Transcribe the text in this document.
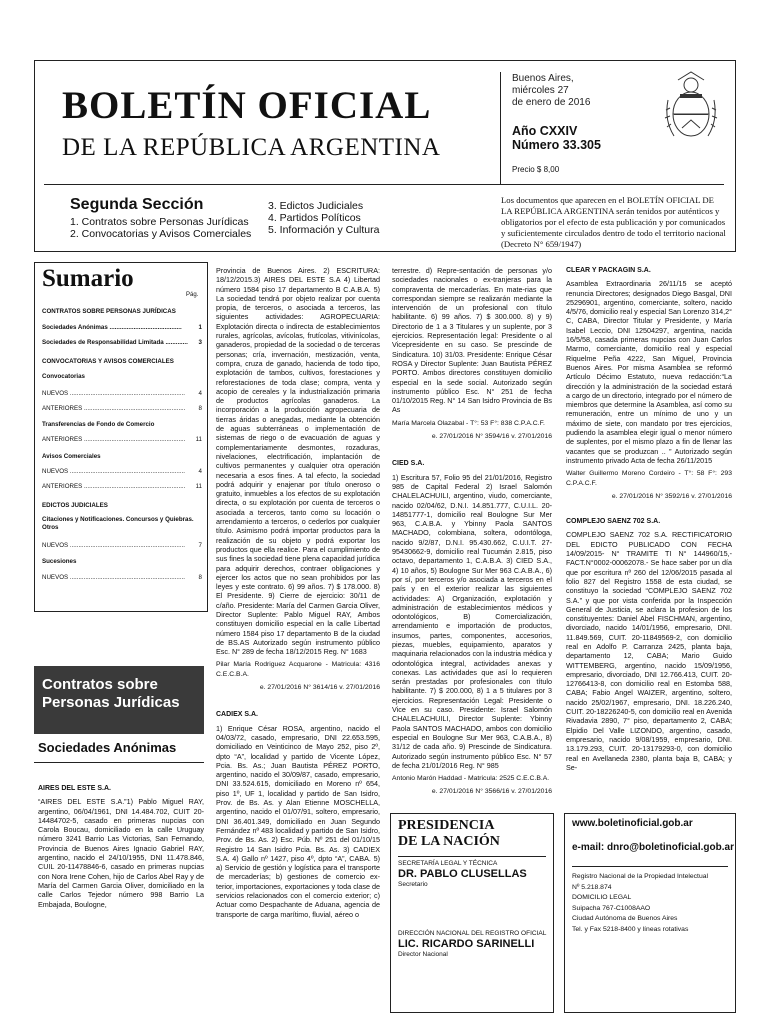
BOLETÍN OFICIAL
DE LA REPÚBLICA ARGENTINA
Buenos Aires,
miércoles 27
de enero de 2016
Año CXXIV
Número 33.305
Precio $ 8,00
Segunda Sección
1. Contratos sobre Personas Jurídicas
2. Convocatorias y Avisos Comerciales
3. Edictos Judiciales
4. Partidos Políticos
5. Información y Cultura
Los documentos que aparecen en el BOLETÍN OFICIAL DE LA REPÚBLICA ARGENTINA serán tenidos por auténticos y obligatorios por el efecto de esta publicación y por comunicados y suficientemente circulados dentro de todo el territorio nacional (Decreto N° 659/1947)
Sumario
Pág.
CONTRATOS SOBRE PERSONAS JURÍDICAS
Sociedades Anónimas ..........................................	1
Sociedades de Responsabilidad Limitada ............. 3
CONVOCATORIAS Y AVISOS COMERCIALES
Convocatorias
NUEVOS ................................................................... 4
ANTERIORES ........................................................... 8
Transferencias de Fondo de Comercio
ANTERIORES ........................................................... 11
Avisos Comerciales
NUEVOS ................................................................... 4
ANTERIORES ........................................................... 11
EDICTOS JUDICIALES
Citaciones y Notificaciones. Concursos y Quiebras. Otros
NUEVOS ................................................................... 7
Sucesiones
NUEVOS ................................................................... 8
Contratos sobre
Personas Jurídicas
Sociedades Anónimas
AIRES DEL ESTE S.A.

“AIRES DEL ESTE S.A.”1) Pablo Miguel RAY, argentino, 06/04/1961, DNI 14.484.702, CUIT 20-14484702-5, casado en primeras nupcias con Carola Boucau, domiciliado en la calle Uruguay número 3241 Barrio Las Victorias, San Fernando, Provincia de Buenos Aires Ignacio Gabriel RAY, argentino, nacido el 24/10/1955, DNI 11.478.846, CUIL 20-11478846-6, casado en primeras nupcias con Nora Irene Cohen, hijo de Carlos Abel Ray y de María del Carmen Garcia Oliver, domiciliado en la calle Carlos Tejedor número 998 Barrio La Embajada, Boulogne,

Provincia de Buenos Aires. 2) ESCRITURA: 18/12/2015.3) AIRES DEL ESTE S.A 4) Libertad número 1584 piso 17 departamento B C.A.B.A. 5) La sociedad tendrá por objeto realizar por cuenta propia, de terceros, o asociada a terceros, las siguientes actividades: AGROPECUARIA: Explotación directa o indirecta de establecimientos rurales, agrícolas, avícolas, frutícolas, vitivinícolas, ganaderos, propiedad de la sociedad o de terceras personas; cría, invernación, mestización, venta, compra, cruza de ganado, hacienda de todo tipo, explotación de tambos, cultivos, forestaciones y reforestaciones de toda clase; compra, venta y acopio de cereales y la industrialización primaria de productos agrícolas ganaderos. La incorporación a la producción agropecuaria de tierras áridas o anegadas, mediante la obtención de aguas subterráneas o implementación de sistemas de riego o de evacuación de aguas y complementariamente desmontes, rozaduras, nivelaciones, electrificación, implantación de cultivos permanentes y cualquier otra operación necesaria a esos fines. A tal efecto, la sociedad podrá adquirir y enajenar por título oneroso o gratuito, inmuebles a los efectos de su explotación directa, o su explotación por cuenta de terceros o asociada a terceros, tanto como su locación o arrendamiento a terceros, o cederlos por cualquier título. Asimismo podrá importar productos para la realización de su objeto y podrá exportar los productos que ella realice. Para el cumplimiento de sus fines la sociedad tiene plena capacidad jurídica para adquirir derechos, contraer obligaciones y ejercer los actos que no sean prohibidos por las leyes y este contrato. 6) 99 años. 7) $ 178.000. 8) El Presidente. 9) Cierre de ejercicio: 30/11 de c/año. Presidente: María del Carmen Garcia Oliver, Director Suplente: Pablo Miguel RAY, Ambos constituyen domicilio especial en la calle Libertad número 1584 piso 17 departamento B de la ciudad de BS.AS Autorizado según instrumento público Esc. N° 289 de fecha 18/12/2015 Reg. N° 1683

Pilar María Rodriguez Acquarone - Matricula: 4316 C.E.C.B.A.

e. 27/01/2016 N° 3614/16 v. 27/01/2016

CADIEX S.A.

1) Enrique César ROSA, argentino, nacido el 04/03/72, casado, empresario, DNI 22.653.595, domiciliado en Veinticinco de Mayo 252, piso 2º, dpto “A”, localidad y partido de Vicente López, Pcia. Bs. As.; Juan Bautista PÉREZ PORTO, argentino, nacido el 30/09/87, casado, empresario, DNI 33.524.615, domiciliado en Moreno nº 654, piso 1º, UF 1, localidad y partido de San Isidro, Prov. de Bs. As. y Alan Etienne MOSCHELLA, argentino, nacido el 01/07/91, soltero, empresario, DNI 36.401.349, domiciliado en Juan Segundo Fernández nº 483 localidad y partido de San Isidro, Prov. de Bs. As. 2) Esc. Púb. Nº 251 del 01/10/15 Registro 14 San Isidro Pcia. Bs. As. 3) CADIEX S.A. 4) Gallo nº 1427, piso 4º, dpto “A”, CABA. 5) a) Servicio de gestión y logística para el transporte de mercaderías; b) gestiones de comercio ex-terior, importaciones, exportaciones y toda clase de servicios relacionados con el comercio exterior; c) Actuar como Despachante de Aduana, agencia de transporte de carga marítimo, fluvial, aéreo o

terrestre. d) Repre-sentación de personas y/o sociedades nacionales o ex-tranjeras para la compraventa de mercaderías. En mate-rias que correspondan siempre se realizarán mediante la intervención de un profesional con título habilitante. 6) 99 años. 7) $ 300.000. 8) y 9) Directorio de 1 a 3 Titulares y un suplente, por 3 ejercicios. Representación legal: Presidente o al Vicepresidente en su caso. Se prescinde de Sindicatura. 10) 31/03. Presidente: Enrique César ROSA y Director Suplente: Juan Bautista PÉREZ PORTO. Ambos directores constituyen domicilio especial en la sede social. Autorizado según instrumento público Esc. N° 251 de fecha 01/10/2015 Reg. N° 14 San Isidro Provincia de Bs As

María Marcela Olazabal - T°: 53 F°: 838 C.P.A.C.F.

e. 27/01/2016 N° 3594/16 v. 27/01/2016

CIED S.A.

1) Escritura 57, Folio 95 del 21/01/2016, Registro 985 de Capital Federal 2) Israel Salomón CHALELACHUILI, argentino, viudo, comerciante, nacido 02/04/62, D.N.I. 14.851.777, C.U.I.L. 20-14851777-1, domicilio real Boulogne Sur Mer 963, C.A.B.A. y Ybinny Paola SANTOS MACHADO, colombiana, soltera, odontóloga, nacido 9/2/87, D.N.I. 95.430.662, C.U.I.T. 27-95430662-9, domicilio real Tucumán 2.815, piso octavo, departamento 1, C.A.B.A. 3) CIED S.A., 4) 10 años, 5) Boulogne Sur Mer 963 C.A.B.A., 6) por sí, por terceros y/o asociada a terceros en el país y en el exterior realizar las siguientes actividades: A) Organización, explotación y administración de establecimientos médicos y odontológicos, B) Comercialización, arrendamiento e importación de productos, insumos, partes, componentes, accesorios, piezas, muebles, equipamiento, aparatos y maquinaria relacionados con la industria médica y odontológica integral, actividades anexas y conexas. Las actividades que así lo requieren serán prestadas por profesionales con título habilitante. 7) $ 200.000, 8) 1 a 5 titulares por 3 ejercicios. Representación Legal: Presidente o Vice en su caso. Presidente: Israel Salomón CHALELACHUILI, Director Suplente: Ybinny Paola SANTOS MACHADO, ambos con domicilio especial en Boulogne Sur Mer 963, C.A.B.A., 8) 31/12 de cada año. 9) Prescinde de Sindicatura. Autorizado según instrumento público Esc. N° 57 de fecha 21/01/2016 Reg. N° 985

Antonio Marón Haddad - Matricula: 2525 C.E.C.B.A.

e. 27/01/2016 N° 3566/16 v. 27/01/2016

CLEAR Y PACKAGIN S.A.

Asamblea Extraordinaria 26/11/15 se aceptó renuncia Directores; designados Diego Basgal, DNI 25296901, argentino, comerciante, soltero, nacido 4/5/76, domicilio real y especial San Lorenzo 314,2° C, CABA, Director Titular y Presidente, y María Isabel Leccio, DNI 12504297, argentina, nacida 16/5/58, casada primeras nupcias con Juan Carlos Marmo, comerciante, domicilio real y especial Riquelme Peña 4222, San Miguel, Provincia Buenos Aires. Por misma Asamblea se reformó Artículo Décimo Estatuto, nueva redacción:“La dirección y la administración de la sociedad estará a cargo de un directorio, integrado por el número de miembros que determine la Asamblea, así como su remuneración, entre un mínimo de uno y un máximo de siete, con mandato por tres ejercicios, pudiendo la asamblea elegir igual o menor número de suplentes, por el mismo plazo a fin de llenar las vacantes que se produzcan .. ” Autorizado según instrumento privado Acta de fecha 26/11/2015

Walter Guillermo Moreno Cordeiro - T°: 58 F°: 293 C.P.A.C.F.

e. 27/01/2016 N° 3592/16 v. 27/01/2016

COMPLEJO SAENZ 702 S.A.

COMPLEJO SAENZ 702 S.A. RECTIFICATORIO DEL EDICTO PUBLICADO CON FECHA 14/09/2015- N° TRAMITE TI N° 144960/15,-FACT.N°0002-00062078.- Se hace saber por un día que por escritura nº 260 del 12/06/2015 pasada al folio 827 del Registro 1558 de esta ciudad, se constituyo la sociedad “COMPLEJO SAENZ 702 S.A.” y que por vista conferida por la Inspección General de Justicia, se aclara la profesion de los constituyentes: Daniel Abel FISCHMAN, argentino, divorciado, nacido 14/01/1956, empresario, DNI. 11.849.569, CUIT. 20-11849569-2, con domicilio real en Adolfo P. Carranza 2425, planta baja, departamento 12, CABA; Mario Guido WITTEMBERG, argentino, nacido 15/09/1956, empresario, divorciado, DNI 12.766.413, CUIT. 20-12766413-8, con domicilio real en Estomba 588, CABA; Fabio Angel WAIZER, argentino, soltero, nacido 25/02/1967, empresario, DNI. 18.226.240, CUIT. 20-18226240-5, con domicilio real en Avenida Rivadavia 2890, 7° piso, departamento 2, CABA; Elpidio Del Valle LIZONDO, argentino, casado, empresario, nacido 9/08/1959, empresario, DNI. 13.179.293, CUIT. 20-13179293-0, con domicilio real en Avellaneda 2380, planta baja B, CABA; y Se-

PRESIDENCIA
DE LA NACIÓN
SECRETARÍA LEGAL Y TÉCNICA
DR. PABLO CLUSELLAS
Secretario
DIRECCIÓN NACIONAL DEL REGISTRO OFICIAL
LIC. RICARDO SARINELLI
Director Nacional
www.boletinoficial.gob.ar
e-mail: dnro@boletinoficial.gob.ar
Registro Nacional de la Propiedad Intelectual
Nº 5.218.874
DOMICILIO LEGAL
Suipacha 767-C1008AAO
Ciudad Autónoma de Buenos Aires
Tel. y Fax 5218-8400 y líneas rotativas
